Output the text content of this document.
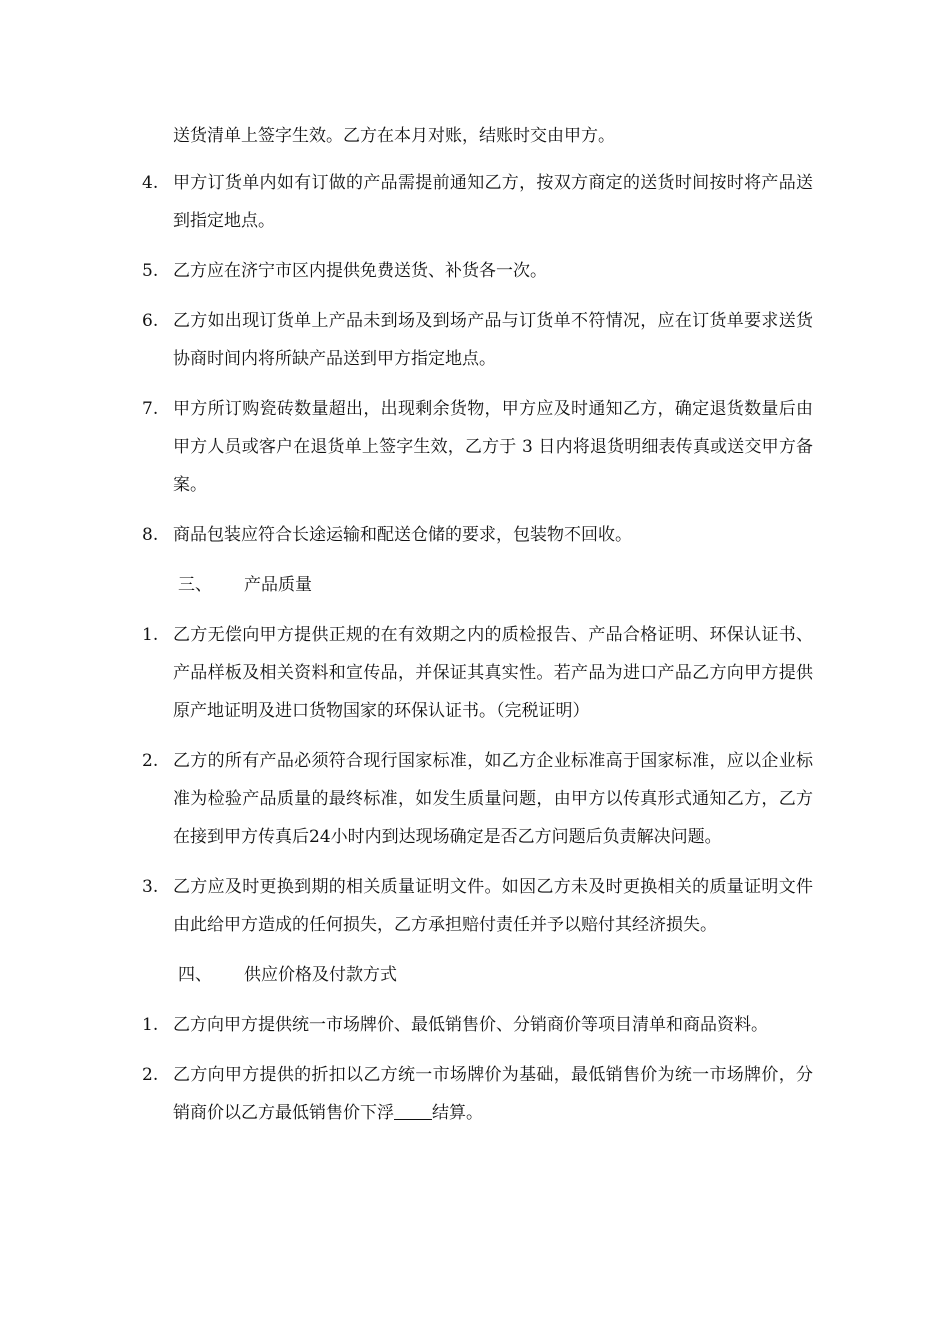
送货清单上签字生效。乙方在本月对账，结账时交由甲方。
4. 甲方订货单内如有订做的产品需提前通知乙方，按双方商定的送货时间按时将产品送到指定地点。
5. 乙方应在济宁市区内提供免费送货、补货各一次。
6. 乙方如出现订货单上产品未到场及到场产品与订货单不符情况，应在订货单要求送货协商时间内将所缺产品送到甲方指定地点。
7. 甲方所订购瓷砖数量超出，出现剩余货物，甲方应及时通知乙方，确定退货数量后由甲方人员或客户在退货单上签字生效，乙方于 3 日内将退货明细表传真或送交甲方备案。
8. 商品包装应符合长途运输和配送仓储的要求，包装物不回收。
三、 产品质量
1. 乙方无偿向甲方提供正规的在有效期之内的质检报告、产品合格证明、环保认证书、产品样板及相关资料和宣传品，并保证其真实性。若产品为进口产品乙方向甲方提供原产地证明及进口货物国家的环保认证书。（完税证明）
2. 乙方的所有产品必须符合现行国家标准，如乙方企业标准高于国家标准，应以企业标准为检验产品质量的最终标准，如发生质量问题，由甲方以传真形式通知乙方，乙方在接到甲方传真后24小时内到达现场确定是否乙方问题后负责解决问题。
3. 乙方应及时更换到期的相关质量证明文件。如因乙方未及时更换相关的质量证明文件由此给甲方造成的任何损失，乙方承担赔付责任并予以赔付其经济损失。
四、 供应价格及付款方式
1. 乙方向甲方提供统一市场牌价、最低销售价、分销商价等项目清单和商品资料。
2. 乙方向甲方提供的折扣以乙方统一市场牌价为基础，最低销售价为统一市场牌价，分销商价以乙方最低销售价下浮 结算。
